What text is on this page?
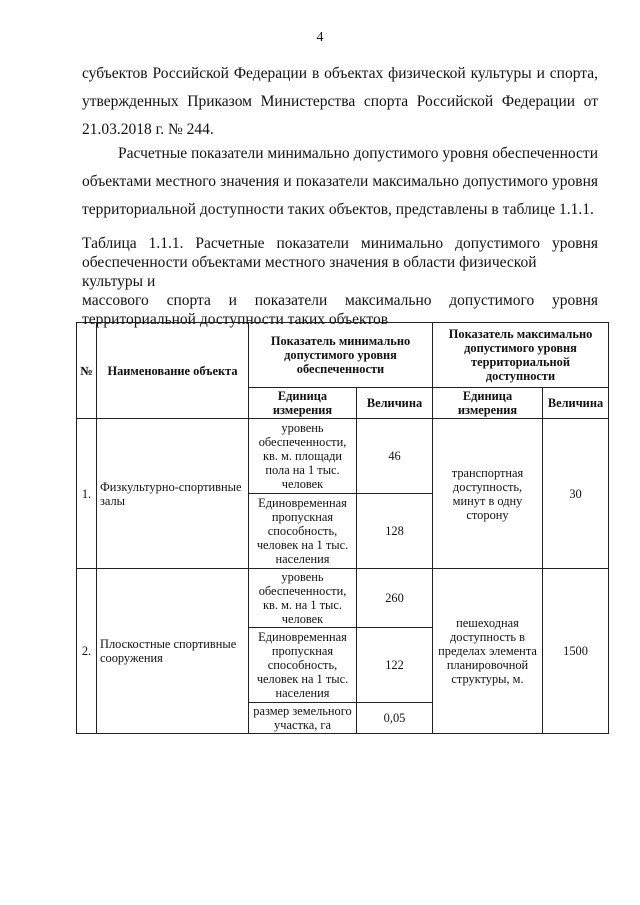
4

субъектов Российской Федерации в объектах физической культуры и спорта,

утвержденных Приказом Министерства спорта Российской Федерации от

21.03.2018 г. № 244.

Расчетные показатели минимально допустимого уровня обеспеченности

объектами местного значения и показатели максимально допустимого уровня

территориальной доступности таких объектов, представлены в таблице 1.1.1.

Таблица 1.1.1. Расчетные показатели минимально допустимого уровня
обеспеченности объектами местного значения в области физической культуры и
массового спорта и показатели максимально допустимого уровня
территориальной доступности таких объектов
№	Наименование объекта	Показатель минимально допустимого уровня обеспеченности		Показатель максимально допустимого уровня территориальной доступности	
		Единица измерения	Величина	Единица измерения	Величина
1.	Физкультурно-спортивные залы	уровень обеспеченности, кв. м. площади пола на 1 тыс. человек	46	транспортная доступность, минут в одну сторону	30
		Единовременная пропускная способность, человек на 1 тыс. населения	128		
2.	Плоскостные спортивные сооружения	уровень обеспеченности, кв. м. на 1 тыс. человек	260	пешеходная доступность в пределах элемента планировочной структуры, м.	1500
		Единовременная пропускная способность, человек на 1 тыс. населения	122		
		размер земельного участка, га	0,05		
